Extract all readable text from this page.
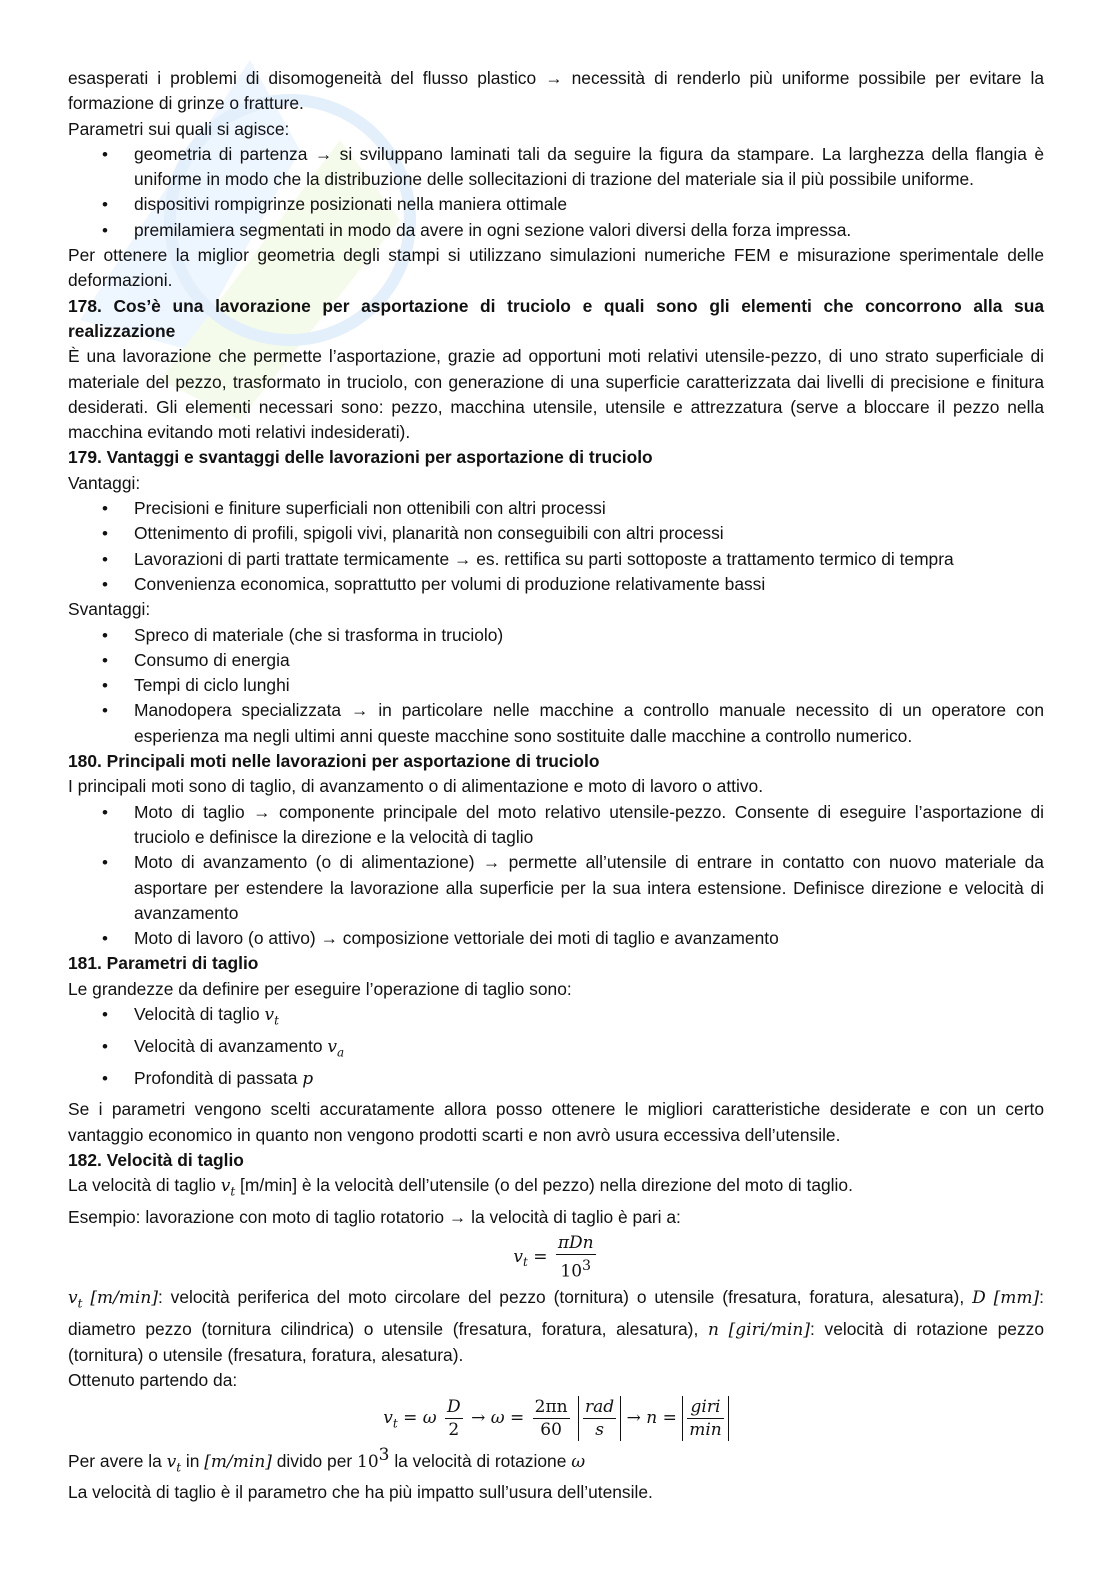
esasperati i problemi di disomogeneità del flusso plastico → necessità di renderlo più uniforme possibile per evitare la formazione di grinze o fratture.

Parametri sui quali si agisce:

• geometria di partenza → si sviluppano laminati tali da seguire la figura da stampare. La larghezza della flangia è uniforme in modo che la distribuzione delle sollecitazioni di trazione del materiale sia il più possibile uniforme.
• dispositivi rompigrinze posizionati nella maniera ottimale
• premilamiera segmentati in modo da avere in ogni sezione valori diversi della forza impressa.

Per ottenere la miglior geometria degli stampi si utilizzano simulazioni numeriche FEM e misurazione sperimentale delle deformazioni.

178. Cos’è una lavorazione per asportazione di truciolo e quali sono gli elementi che concorrono alla sua realizzazione

È una lavorazione che permette l’asportazione, grazie ad opportuni moti relativi utensile-pezzo, di uno strato superficiale di materiale del pezzo, trasformato in truciolo, con generazione di una superficie caratterizzata dai livelli di precisione e finitura desiderati. Gli elementi necessari sono: pezzo, macchina utensile, utensile e attrezzatura (serve a bloccare il pezzo nella macchina evitando moti relativi indesiderati).

179. Vantaggi e svantaggi delle lavorazioni per asportazione di truciolo

Vantaggi:

• Precisioni e finiture superficiali non ottenibili con altri processi
• Ottenimento di profili, spigoli vivi, planarità non conseguibili con altri processi
• Lavorazioni di parti trattate termicamente → es. rettifica su parti sottoposte a trattamento termico di tempra
• Convenienza economica, soprattutto per volumi di produzione relativamente bassi

Svantaggi:

• Spreco di materiale (che si trasforma in truciolo)
• Consumo di energia
• Tempi di ciclo lunghi
• Manodopera specializzata → in particolare nelle macchine a controllo manuale necessito di un operatore con esperienza ma negli ultimi anni queste macchine sono sostituite dalle macchine a controllo numerico.
180. Principali moti nelle lavorazioni per asportazione di truciolo

I principali moti sono di taglio, di avanzamento o di alimentazione e moto di lavoro o attivo.

• Moto di taglio → componente principale del moto relativo utensile-pezzo. Consente di eseguire l’asportazione di truciolo e definisce la direzione e la velocità di taglio
• Moto di avanzamento (o di alimentazione) → permette all’utensile di entrare in contatto con nuovo materiale da asportare per estendere la lavorazione alla superficie per la sua intera estensione. Definisce direzione e velocità di avanzamento
• Moto di lavoro (o attivo) → composizione vettoriale dei moti di taglio e avanzamento
181. Parametri di taglio

Le grandezze da definire per eseguire l’operazione di taglio sono:

• Velocità di taglio $v_t$
• Velocità di avanzamento $v_a$
• Profondità di passata p

Se i parametri vengono scelti accuratamente allora posso ottenere le migliori caratteristiche desiderate e con un certo vantaggio economico in quanto non vengono prodotti scarti e non avrò usura eccessiva dell’utensile.

182. Velocità di taglio

La velocità di taglio $v_t$ [m/min] è la velocità dell’utensile (o del pezzo) nella direzione del moto di taglio.

Esempio: lavorazione con moto di taglio rotatorio → la velocità di taglio è pari a:

$v_t = \frac{\text{πDn}}{10^3}$

$v_t$ [m/min]: velocità periferica del moto circolare del pezzo (tornitura) o utensile (fresatura, foratura, alesatura), D [mm]: diametro pezzo (tornitura cilindrica) o utensile (fresatura, foratura, alesatura), n [giri/min]: velocità di rotazione pezzo (tornitura) o utensile (fresatura, foratura, alesatura).

Ottenuto partendo da:

$v_t = \omega \frac{D}{2} \to \omega = \frac{2\pi n}{60}$
$\frac{\text{rad}}{s} \to n = \frac{\text{giri}}{\min}$

Per avere la $v_t$ in [m/min] divido per $10^3$ la velocità di rotazione ω

La velocità di taglio è il parametro che ha più impatto sull’usura dell’utensile.
